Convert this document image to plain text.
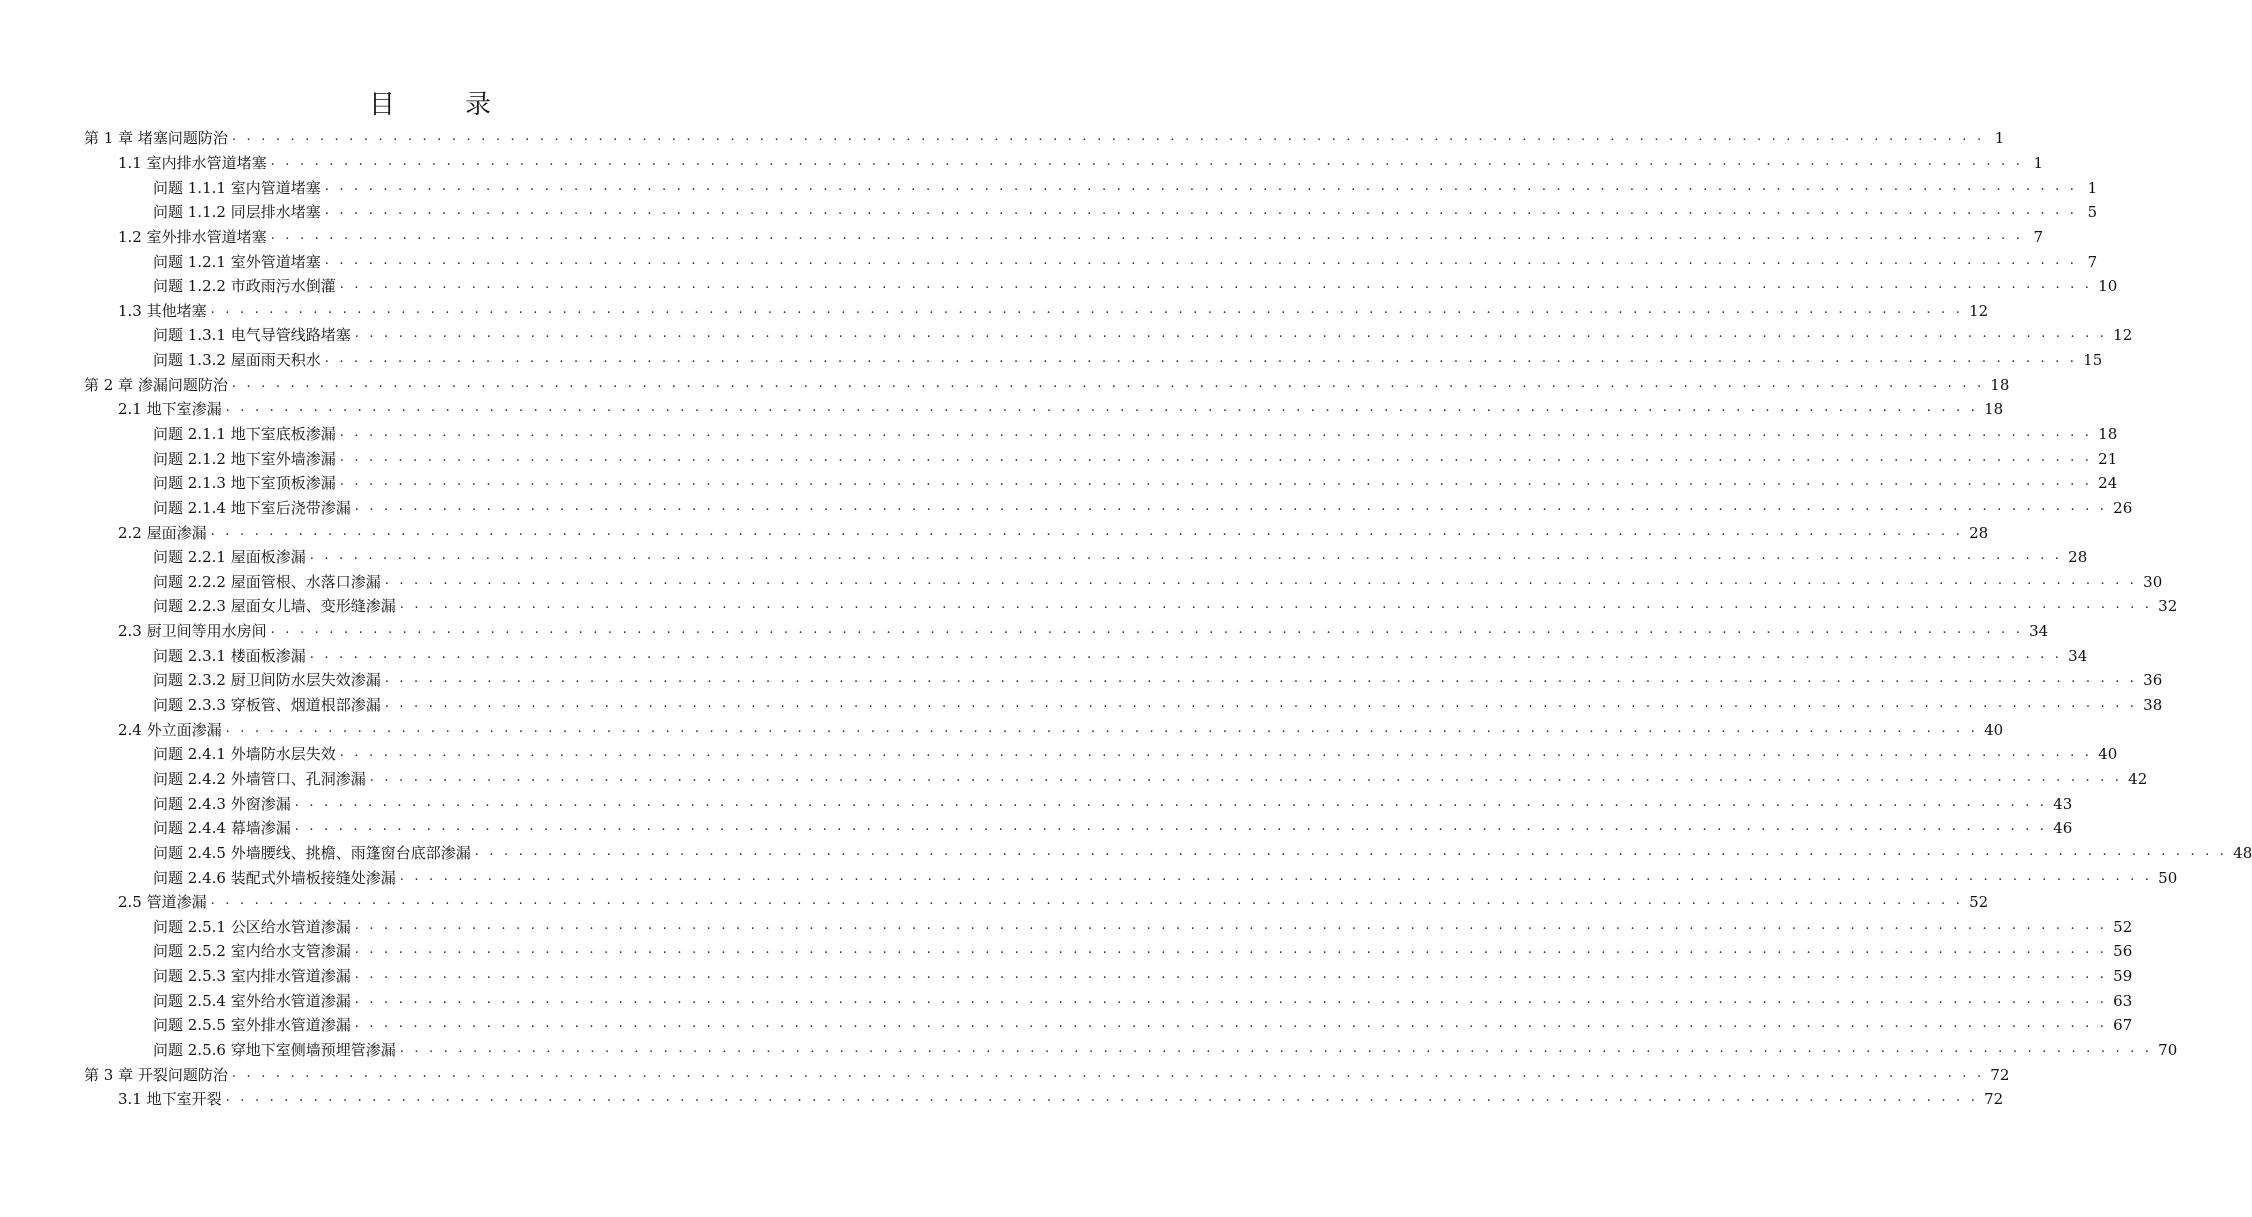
目　录
第 1 章 堵塞问题防治 . . . . . . . . . . . . . . . . . . . . . . . . . . . . . . . . . . . . . . . . . . . . . . . . . . . . . . . . . . . . . . . . . . . . . . . . . . . . . . . . . . . . . . . . . . . . . . . . . . . . . . . . . . . . . . . . . . . . . . . . 1
1.1 室内排水管道堵塞 . . . . . . . . . . . . . . . . . . . . . . . . . . . . . . . . . . . . . . . . . . . . . . . . . . . . . . . . . . . . . . . . . . . . . . . . . . . . . . . . . . . . . . . . . . . . . . . . . . . . . . . . . . . . . . . . . . . . . . . . 1
问题 1.1.1 室内管道堵塞 . . . . . . . . . . . . . . . . . . . . . . . . . . . . . . . . . . . . . . . . . . . . . . . . . . . . . . . . . . . . . . . . . . . . . . . . . . . . . . . . . . . . . . . . . . . . . . . . . . . . . . . . . . . . . . . . . . . . . . . . 1
问题 1.1.2 同层排水堵塞 . . . . . . . . . . . . . . . . . . . . . . . . . . . . . . . . . . . . . . . . . . . . . . . . . . . . . . . . . . . . . . . . . . . . . . . . . . . . . . . . . . . . . . . . . . . . . . . . . . . . . . . . . . . . . . . . . . . . . . . . 5
1.2 室外排水管道堵塞 . . . . . . . . . . . . . . . . . . . . . . . . . . . . . . . . . . . . . . . . . . . . . . . . . . . . . . . . . . . . . . . . . . . . . . . . . . . . . . . . . . . . . . . . . . . . . . . . . . . . . . . . . . . . . . . . . . . . . . . . 7
问题 1.2.1 室外管道堵塞 . . . . . . . . . . . . . . . . . . . . . . . . . . . . . . . . . . . . . . . . . . . . . . . . . . . . . . . . . . . . . . . . . . . . . . . . . . . . . . . . . . . . . . . . . . . . . . . . . . . . . . . . . . . . . . . . . . . . . . . . 7
问题 1.2.2 市政雨污水倒灌 . . . . . . . . . . . . . . . . . . . . . . . . . . . . . . . . . . . . . . . . . . . . . . . . . . . . . . . . . . . . . . . . . . . . . . . . . . . . . . . . . . . . . . . . . . . . . . . . . . . . . . . . . . . . . . . . . . . . . . . . 10
1.3 其他堵塞 . . . . . . . . . . . . . . . . . . . . . . . . . . . . . . . . . . . . . . . . . . . . . . . . . . . . . . . . . . . . . . . . . . . . . . . . . . . . . . . . . . . . . . . . . . . . . . . . . . . . . . . . . . . . . . . . . . . . . . . . 12
问题 1.3.1 电气导管线路堵塞 . . . . . . . . . . . . . . . . . . . . . . . . . . . . . . . . . . . . . . . . . . . . . . . . . . . . . . . . . . . . . . . . . . . . . . . . . . . . . . . . . . . . . . . . . . . . . . . . . . . . . . . . . . . . . . . . . . . . . . . . 12
问题 1.3.2 屋面雨天积水 . . . . . . . . . . . . . . . . . . . . . . . . . . . . . . . . . . . . . . . . . . . . . . . . . . . . . . . . . . . . . . . . . . . . . . . . . . . . . . . . . . . . . . . . . . . . . . . . . . . . . . . . . . . . . . . . . . . . . . . . 15
第 2 章 渗漏问题防治 . . . . . . . . . . . . . . . . . . . . . . . . . . . . . . . . . . . . . . . . . . . . . . . . . . . . . . . . . . . . . . . . . . . . . . . . . . . . . . . . . . . . . . . . . . . . . . . . . . . . . . . . . . . . . . . . . . . . . . . . 18
2.1 地下室渗漏 . . . . . . . . . . . . . . . . . . . . . . . . . . . . . . . . . . . . . . . . . . . . . . . . . . . . . . . . . . . . . . . . . . . . . . . . . . . . . . . . . . . . . . . . . . . . . . . . . . . . . . . . . . . . . . . . . . . . . . . . 18
问题 2.1.1 地下室底板渗漏 . . . . . . . . . . . . . . . . . . . . . . . . . . . . . . . . . . . . . . . . . . . . . . . . . . . . . . . . . . . . . . . . . . . . . . . . . . . . . . . . . . . . . . . . . . . . . . . . . . . . . . . . . . . . . . . . . . . . . . . . 18
问题 2.1.2 地下室外墙渗漏 . . . . . . . . . . . . . . . . . . . . . . . . . . . . . . . . . . . . . . . . . . . . . . . . . . . . . . . . . . . . . . . . . . . . . . . . . . . . . . . . . . . . . . . . . . . . . . . . . . . . . . . . . . . . . . . . . . . . . . . . 21
问题 2.1.3 地下室顶板渗漏 . . . . . . . . . . . . . . . . . . . . . . . . . . . . . . . . . . . . . . . . . . . . . . . . . . . . . . . . . . . . . . . . . . . . . . . . . . . . . . . . . . . . . . . . . . . . . . . . . . . . . . . . . . . . . . . . . . . . . . . . 24
问题 2.1.4 地下室后浇带渗漏 . . . . . . . . . . . . . . . . . . . . . . . . . . . . . . . . . . . . . . . . . . . . . . . . . . . . . . . . . . . . . . . . . . . . . . . . . . . . . . . . . . . . . . . . . . . . . . . . . . . . . . . . . . . . . . . . . . . . . . . . 26
2.2 屋面渗漏 . . . . . . . . . . . . . . . . . . . . . . . . . . . . . . . . . . . . . . . . . . . . . . . . . . . . . . . . . . . . . . . . . . . . . . . . . . . . . . . . . . . . . . . . . . . . . . . . . . . . . . . . . . . . . . . . . . . . . . . . 28
问题 2.2.1 屋面板渗漏 . . . . . . . . . . . . . . . . . . . . . . . . . . . . . . . . . . . . . . . . . . . . . . . . . . . . . . . . . . . . . . . . . . . . . . . . . . . . . . . . . . . . . . . . . . . . . . . . . . . . . . . . . . . . . . . . . . . . . . . . 28
问题 2.2.2 屋面管根、水落口渗漏 . . . . . . . . . . . . . . . . . . . . . . . . . . . . . . . . . . . . . . . . . . . . . . . . . . . . . . . . . . . . . . . . . . . . . . . . . . . . . . . . . . . . . . . . . . . . . . . . . . . . . . . . . . . . . . . . . . . . . . . . 30
问题 2.2.3 屋面女儿墙、变形缝渗漏 . . . . . . . . . . . . . . . . . . . . . . . . . . . . . . . . . . . . . . . . . . . . . . . . . . . . . . . . . . . . . . . . . . . . . . . . . . . . . . . . . . . . . . . . . . . . . . . . . . . . . . . . . . . . . . . . . . . . . . . . 32
2.3 厨卫间等用水房间 . . . . . . . . . . . . . . . . . . . . . . . . . . . . . . . . . . . . . . . . . . . . . . . . . . . . . . . . . . . . . . . . . . . . . . . . . . . . . . . . . . . . . . . . . . . . . . . . . . . . . . . . . . . . . . . . . . . . . . . . 34
问题 2.3.1 楼面板渗漏 . . . . . . . . . . . . . . . . . . . . . . . . . . . . . . . . . . . . . . . . . . . . . . . . . . . . . . . . . . . . . . . . . . . . . . . . . . . . . . . . . . . . . . . . . . . . . . . . . . . . . . . . . . . . . . . . . . . . . . . . 34
问题 2.3.2 厨卫间防水层失效渗漏 . . . . . . . . . . . . . . . . . . . . . . . . . . . . . . . . . . . . . . . . . . . . . . . . . . . . . . . . . . . . . . . . . . . . . . . . . . . . . . . . . . . . . . . . . . . . . . . . . . . . . . . . . . . . . . . . . . . . . . . . 36
问题 2.3.3 穿板管、烟道根部渗漏 . . . . . . . . . . . . . . . . . . . . . . . . . . . . . . . . . . . . . . . . . . . . . . . . . . . . . . . . . . . . . . . . . . . . . . . . . . . . . . . . . . . . . . . . . . . . . . . . . . . . . . . . . . . . . . . . . . . . . . . . 38
2.4 外立面渗漏 . . . . . . . . . . . . . . . . . . . . . . . . . . . . . . . . . . . . . . . . . . . . . . . . . . . . . . . . . . . . . . . . . . . . . . . . . . . . . . . . . . . . . . . . . . . . . . . . . . . . . . . . . . . . . . . . . . . . . . . . 40
问题 2.4.1 外墙防水层失效 . . . . . . . . . . . . . . . . . . . . . . . . . . . . . . . . . . . . . . . . . . . . . . . . . . . . . . . . . . . . . . . . . . . . . . . . . . . . . . . . . . . . . . . . . . . . . . . . . . . . . . . . . . . . . . . . . . . . . . . . 40
问题 2.4.2 外墙管口、孔洞渗漏 . . . . . . . . . . . . . . . . . . . . . . . . . . . . . . . . . . . . . . . . . . . . . . . . . . . . . . . . . . . . . . . . . . . . . . . . . . . . . . . . . . . . . . . . . . . . . . . . . . . . . . . . . . . . . . . . . . . . . . . . 42
问题 2.4.3 外窗渗漏 . . . . . . . . . . . . . . . . . . . . . . . . . . . . . . . . . . . . . . . . . . . . . . . . . . . . . . . . . . . . . . . . . . . . . . . . . . . . . . . . . . . . . . . . . . . . . . . . . . . . . . . . . . . . . . . . . . . . . . . . 43
问题 2.4.4 幕墙渗漏 . . . . . . . . . . . . . . . . . . . . . . . . . . . . . . . . . . . . . . . . . . . . . . . . . . . . . . . . . . . . . . . . . . . . . . . . . . . . . . . . . . . . . . . . . . . . . . . . . . . . . . . . . . . . . . . . . . . . . . . . 46
问题 2.4.5 外墙腰线、挑檐、雨篷窗台底部渗漏 . . . . . . . . . . . . . . . . . . . . . . . . . . . . . . . . . . . . . . . . . . . . . . . . . . . . . . . . . . . . . . . . . . . . . . . . . . . . . . . . . . . . . . . . . . . . . . . . . . . . . . . . . . . . . . . . . . . . . . . . 48
问题 2.4.6 装配式外墙板接缝处渗漏 . . . . . . . . . . . . . . . . . . . . . . . . . . . . . . . . . . . . . . . . . . . . . . . . . . . . . . . . . . . . . . . . . . . . . . . . . . . . . . . . . . . . . . . . . . . . . . . . . . . . . . . . . . . . . . . . . . . . . . . . 50
2.5 管道渗漏 . . . . . . . . . . . . . . . . . . . . . . . . . . . . . . . . . . . . . . . . . . . . . . . . . . . . . . . . . . . . . . . . . . . . . . . . . . . . . . . . . . . . . . . . . . . . . . . . . . . . . . . . . . . . . . . . . . . . . . . . 52
问题 2.5.1 公区给水管道渗漏 . . . . . . . . . . . . . . . . . . . . . . . . . . . . . . . . . . . . . . . . . . . . . . . . . . . . . . . . . . . . . . . . . . . . . . . . . . . . . . . . . . . . . . . . . . . . . . . . . . . . . . . . . . . . . . . . . . . . . . . . 52
问题 2.5.2 室内给水支管渗漏 . . . . . . . . . . . . . . . . . . . . . . . . . . . . . . . . . . . . . . . . . . . . . . . . . . . . . . . . . . . . . . . . . . . . . . . . . . . . . . . . . . . . . . . . . . . . . . . . . . . . . . . . . . . . . . . . . . . . . . . . 56
问题 2.5.3 室内排水管道渗漏 . . . . . . . . . . . . . . . . . . . . . . . . . . . . . . . . . . . . . . . . . . . . . . . . . . . . . . . . . . . . . . . . . . . . . . . . . . . . . . . . . . . . . . . . . . . . . . . . . . . . . . . . . . . . . . . . . . . . . . . . 59
问题 2.5.4 室外给水管道渗漏 . . . . . . . . . . . . . . . . . . . . . . . . . . . . . . . . . . . . . . . . . . . . . . . . . . . . . . . . . . . . . . . . . . . . . . . . . . . . . . . . . . . . . . . . . . . . . . . . . . . . . . . . . . . . . . . . . . . . . . . . 63
问题 2.5.5 室外排水管道渗漏 . . . . . . . . . . . . . . . . . . . . . . . . . . . . . . . . . . . . . . . . . . . . . . . . . . . . . . . . . . . . . . . . . . . . . . . . . . . . . . . . . . . . . . . . . . . . . . . . . . . . . . . . . . . . . . . . . . . . . . . . 67
问题 2.5.6 穿地下室侧墙预埋管渗漏 . . . . . . . . . . . . . . . . . . . . . . . . . . . . . . . . . . . . . . . . . . . . . . . . . . . . . . . . . . . . . . . . . . . . . . . . . . . . . . . . . . . . . . . . . . . . . . . . . . . . . . . . . . . . . . . . . . . . . . . . 70
第 3 章 开裂问题防治 . . . . . . . . . . . . . . . . . . . . . . . . . . . . . . . . . . . . . . . . . . . . . . . . . . . . . . . . . . . . . . . . . . . . . . . . . . . . . . . . . . . . . . . . . . . . . . . . . . . . . . . . . . . . . . . . . . . . . . . . 72
3.1 地下室开裂 . . . . . . . . . . . . . . . . . . . . . . . . . . . . . . . . . . . . . . . . . . . . . . . . . . . . . . . . . . . . . . . . . . . . . . . . . . . . . . . . . . . . . . . . . . . . . . . . . . . . . . . . . . . . . . . . . . . . . . . . 72
